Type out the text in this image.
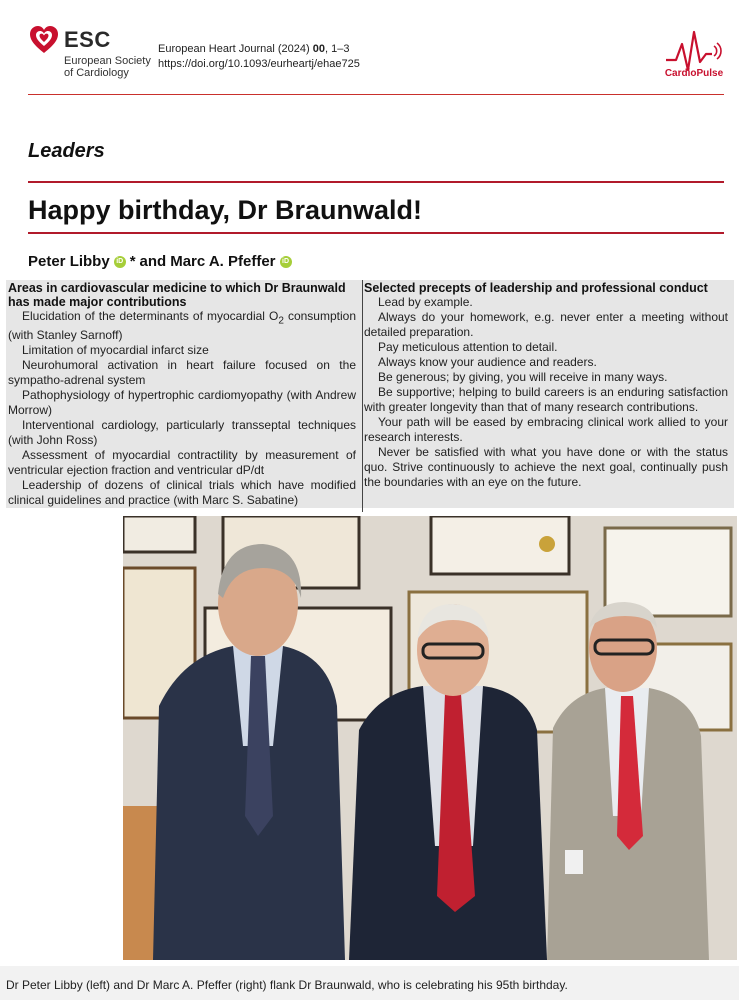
ESC
European Society of Cardiology
European Heart Journal (2024) 00, 1–3
https://doi.org/10.1093/eurheartj/ehae725
CardioPulse
Leaders
Happy birthday, Dr Braunwald!
Peter Libby iD * and Marc A. Pfeffer iD
Areas in cardiovascular medicine to which Dr Braunwald has made major contributions

Elucidation of the determinants of myocardial $O_2$ consumption (with Stanley Sarnoff)

Limitation of myocardial infarct size

Neurohumoral activation in heart failure focused on the sympatho-adrenal system

Pathophysiology of hypertrophic cardiomyopathy (with Andrew Morrow)

Interventional cardiology, particularly transseptal techniques (with John Ross)

Assessment of myocardial contractility by measurement of ventricular ejection fraction and ventricular dP/dt

Leadership of dozens of clinical trials which have modified clinical guidelines and practice (with Marc S. Sabatine)

Selected precepts of leadership and professional conduct

Lead by example.

Always do your homework, e.g. never enter a meeting without detailed preparation.

Pay meticulous attention to detail.

Always know your audience and readers.

Be generous; by giving, you will receive in many ways.

Be supportive; helping to build careers is an enduring satisfaction with greater longevity than that of many research contributions.

Your path will be eased by embracing clinical work allied to your research interests.

Never be satisfied with what you have done or with the status quo. Strive continuously to achieve the next goal, continually push the boundaries with an eye on the future.

Dr Peter Libby (left) and Dr Marc A. Pfeffer (right) flank Dr Braunwald, who is celebrating his 95th birthday.
